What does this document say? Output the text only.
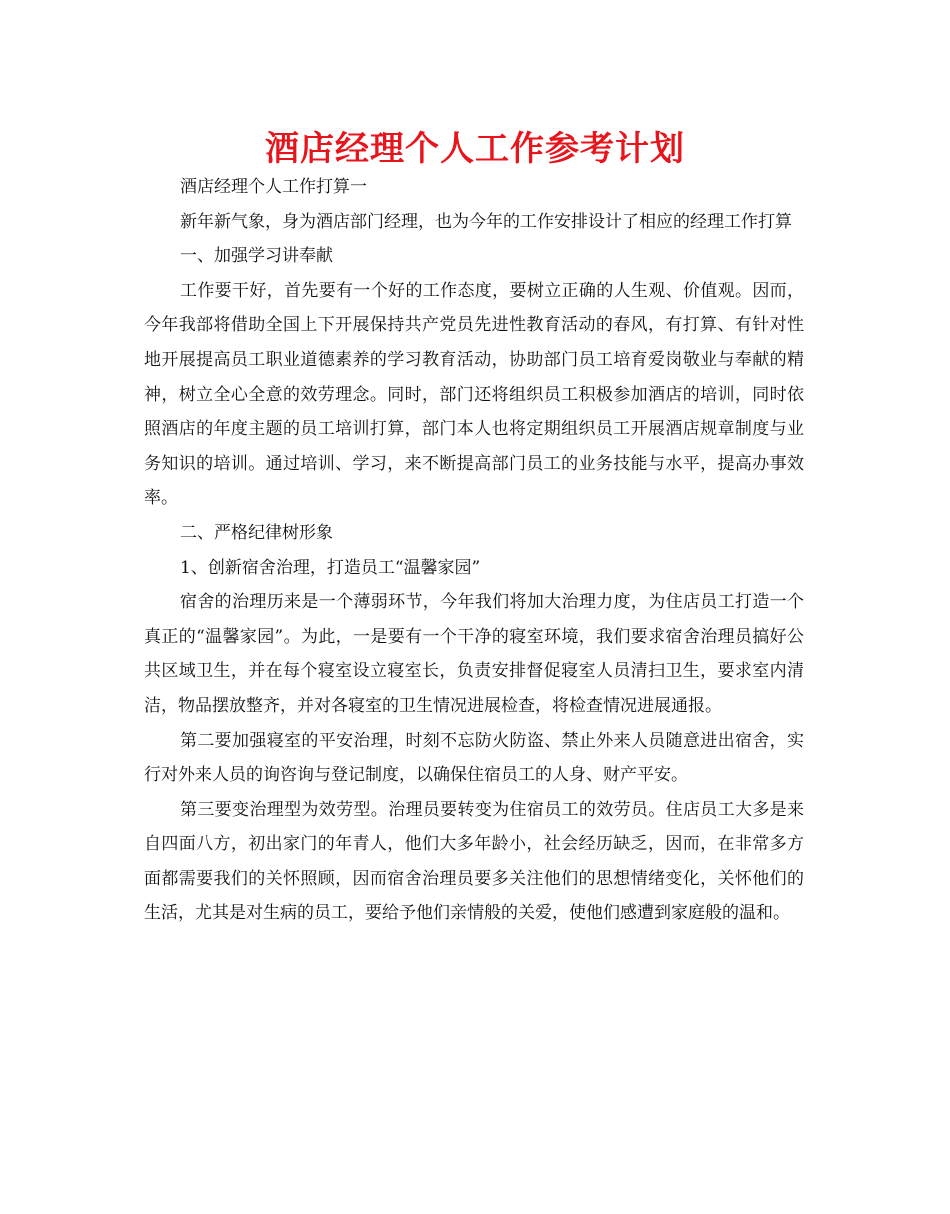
酒店经理个人工作参考计划

酒店经理个人工作打算一

新年新气象，身为酒店部门经理，也为今年的工作安排设计了相应的经理工作打算

一、加强学习讲奉献

工作要干好，首先要有一个好的工作态度，要树立正确的人生观、价值观。因而，今年我部将借助全国上下开展保持共产党员先进性教育活动的春风，有打算、有针对性地开展提高员工职业道德素养的学习教育活动，协助部门员工培育爱岗敬业与奉献的精神，树立全心全意的效劳理念。同时，部门还将组织员工积极参加酒店的培训，同时依照酒店的年度主题的员工培训打算，部门本人也将定期组织员工开展酒店规章制度与业务知识的培训。通过培训、学习，来不断提高部门员工的业务技能与水平，提高办事效率。

二、严格纪律树形象

1、创新宿舍治理，打造员工“温馨家园”

宿舍的治理历来是一个薄弱环节，今年我们将加大治理力度，为住店员工打造一个真正的“温馨家园”。为此，一是要有一个干净的寝室环境，我们要求宿舍治理员搞好公共区域卫生，并在每个寝室设立寝室长，负责安排督促寝室人员清扫卫生，要求室内清洁，物品摆放整齐，并对各寝室的卫生情况进展检查，将检查情况进展通报。

第二要加强寝室的平安治理，时刻不忘防火防盗、禁止外来人员随意进出宿舍，实行对外来人员的询咨询与登记制度，以确保住宿员工的人身、财产平安。

第三要变治理型为效劳型。治理员要转变为住宿员工的效劳员。住店员工大多是来自四面八方，初出家门的年青人，他们大多年龄小，社会经历缺乏，因而，在非常多方面都需要我们的关怀照顾，因而宿舍治理员要多关注他们的思想情绪变化，关怀他们的生活，尤其是对生病的员工，要给予他们亲情般的关爱，使他们感遭到家庭般的温和。
